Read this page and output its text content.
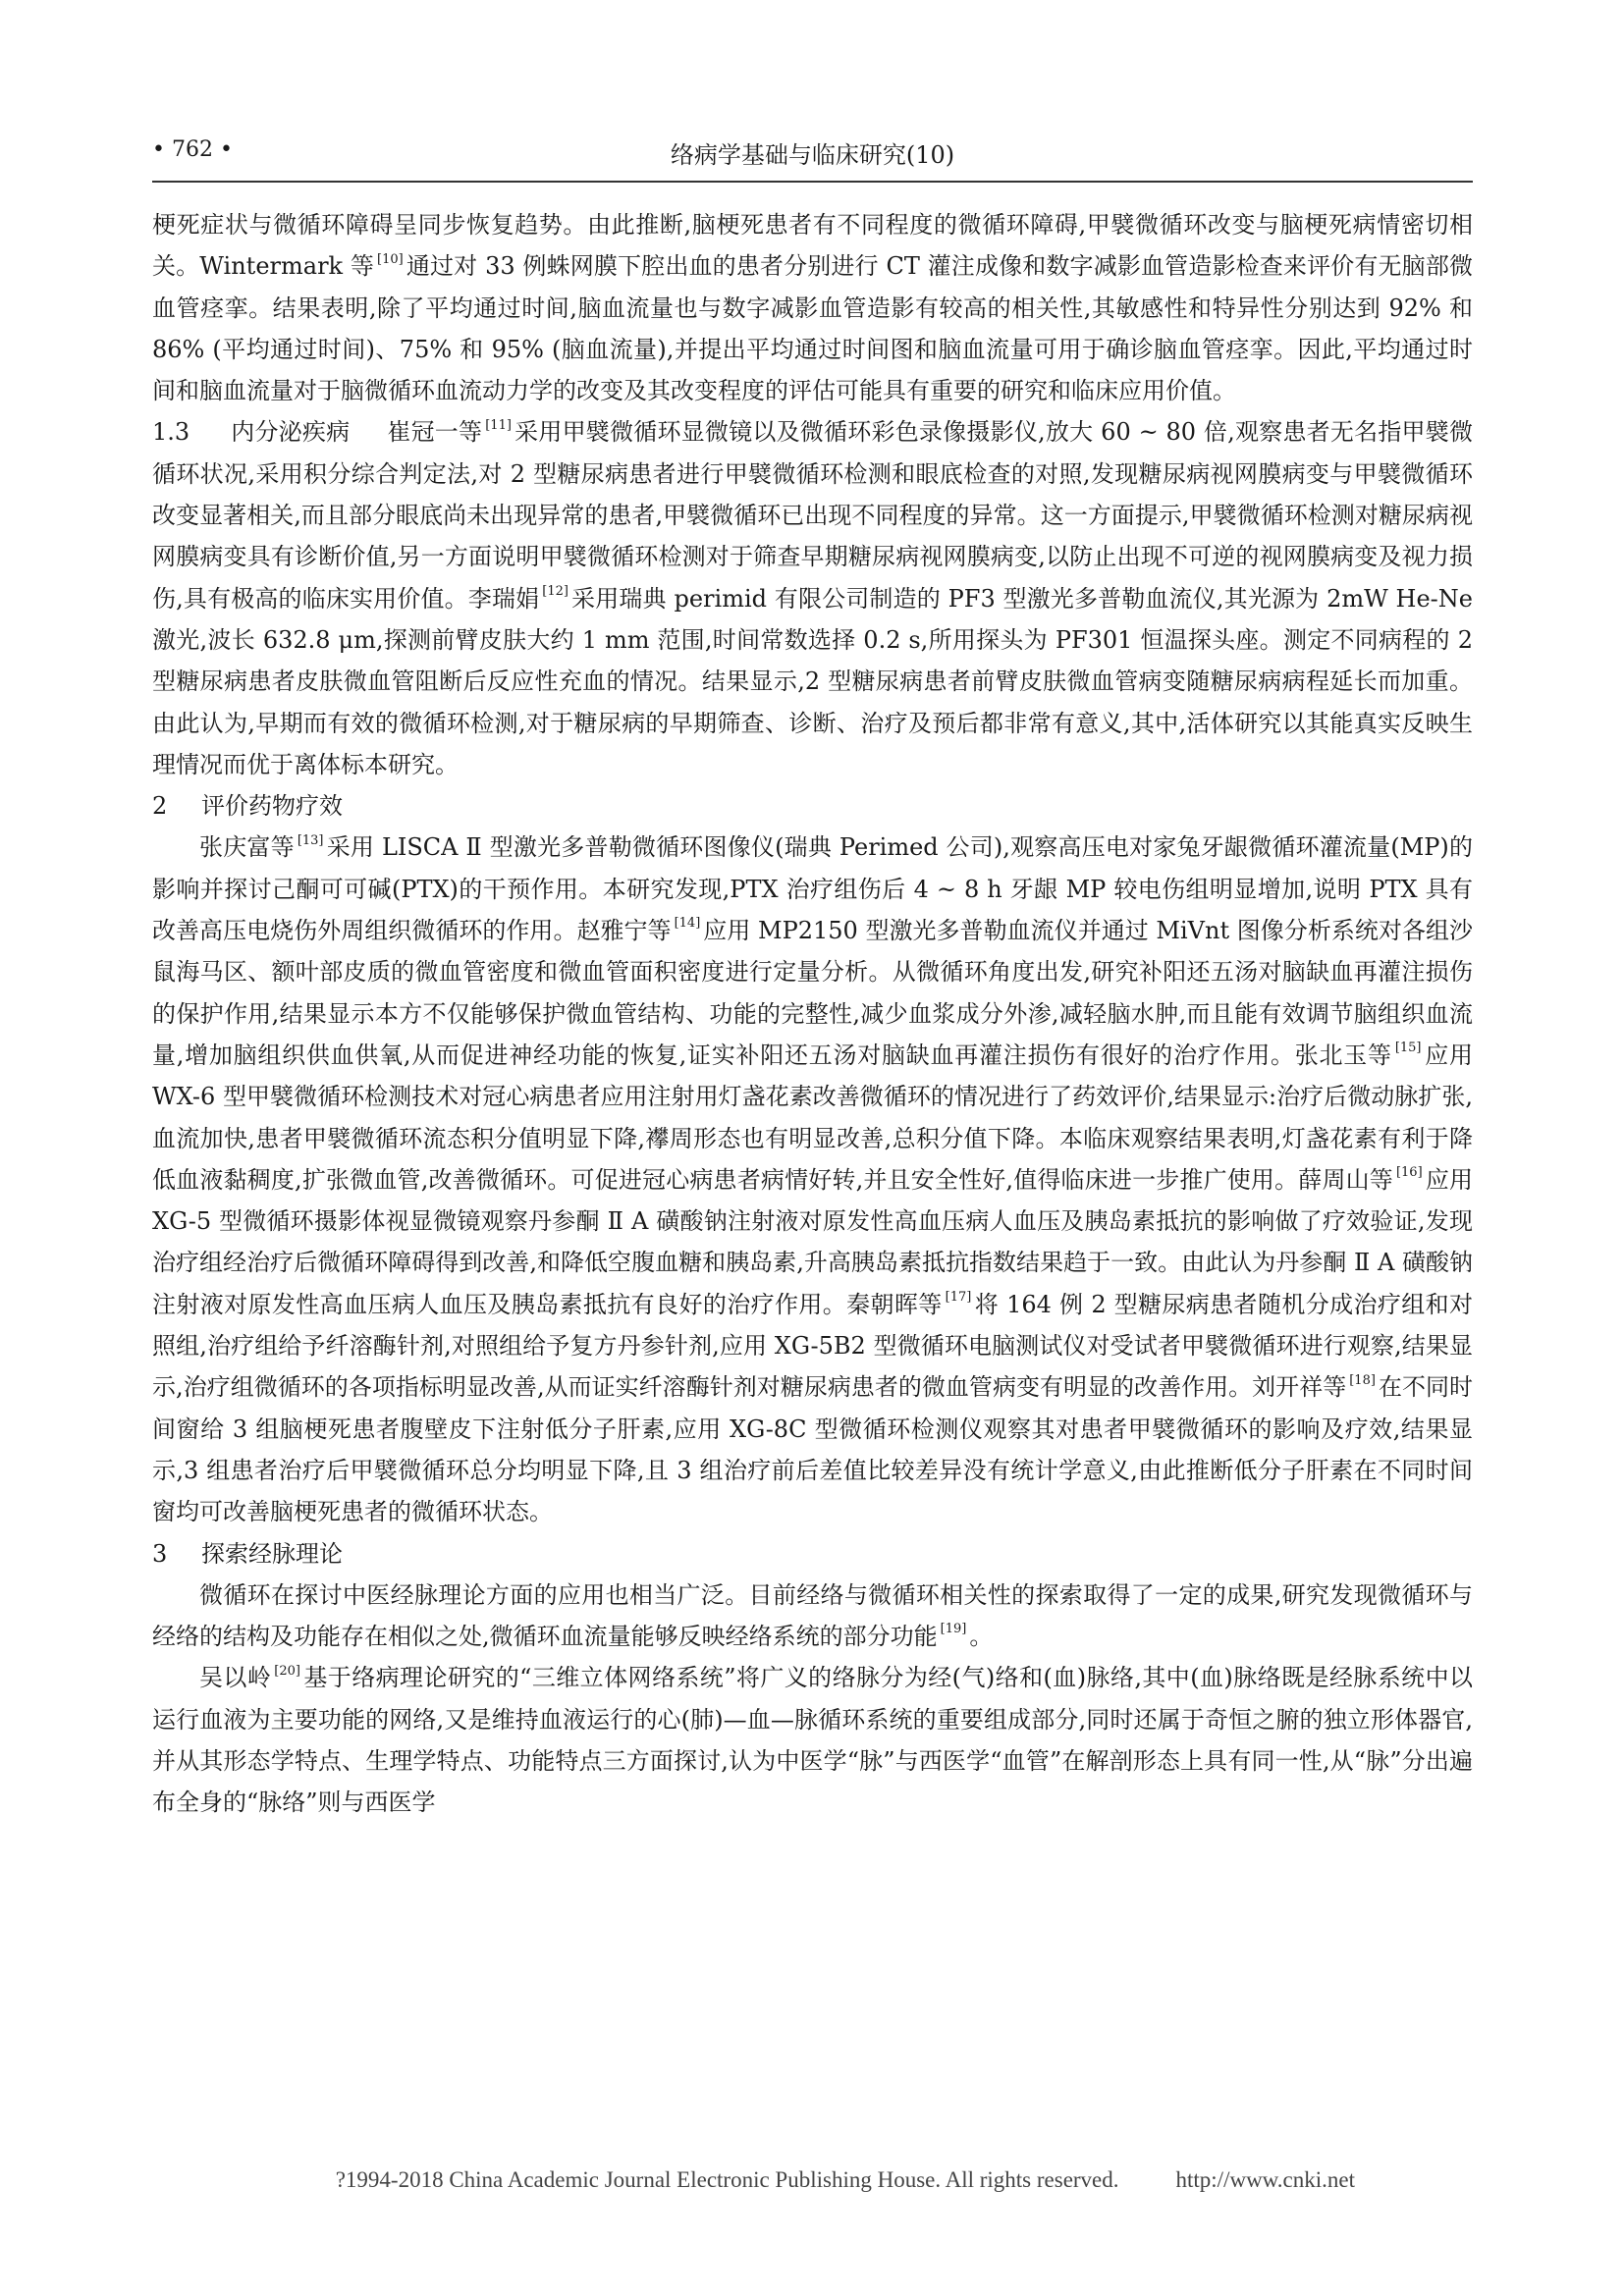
• 762 •	络病学基础与临床研究(10)

梗死症状与微循环障碍呈同步恢复趋势。由此推断,脑梗死患者有不同程度的微循环障碍,甲襞微循环改变与脑梗死病情密切相关。Wintermark 等 [10] 通过对 33 例蛛网膜下腔出血的患者分别进行 CT 灌注成像和数字减影血管造影检查来评价有无脑部微血管痉挛。结果表明,除了平均通过时间,脑血流量也与数字减影血管造影有较高的相关性,其敏感性和特异性分别达到 92% 和 86% (平均通过时间)、75% 和 95% (脑血流量),并提出平均通过时间图和脑血流量可用于确诊脑血管痉挛。因此,平均通过时间和脑血流量对于脑微循环血流动力学的改变及其改变程度的评估可能具有重要的研究和临床应用价值。

1.3 内分泌疾病 崔冠一等 [11] 采用甲襞微循环显微镜以及微循环彩色录像摄影仪,放大 60 ~ 80 倍,观察患者无名指甲襞微循环状况,采用积分综合判定法,对 2 型糖尿病患者进行甲襞微循环检测和眼底检查的对照,发现糖尿病视网膜病变与甲襞微循环改变显著相关,而且部分眼底尚未出现异常的患者,甲襞微循环已出现不同程度的异常。这一方面提示,甲襞微循环检测对糖尿病视网膜病变具有诊断价值,另一方面说明甲襞微循环检测对于筛查早期糖尿病视网膜病变,以防止出现不可逆的视网膜病变及视力损伤,具有极高的临床实用价值。李瑞娟 [12] 采用瑞典 perimid 有限公司制造的 PF3 型激光多普勒血流仪,其光源为 2mW He-Ne 激光,波长 632.8 μm,探测前臂皮肤大约 1 mm 范围,时间常数选择 0.2 s,所用探头为 PF301 恒温探头座。测定不同病程的 2 型糖尿病患者皮肤微血管阻断后反应性充血的情况。结果显示,2 型糖尿病患者前臂皮肤微血管病变随糖尿病病程延长而加重。由此认为,早期而有效的微循环检测,对于糖尿病的早期筛查、诊断、治疗及预后都非常有意义,其中,活体研究以其能真实反映生理情况而优于离体标本研究。

2 评价药物疗效

张庆富等 [13] 采用 LISCA Ⅱ 型激光多普勒微循环图像仪(瑞典 Perimed 公司),观察高压电对家兔牙龈微循环灌流量(MP)的影响并探讨己酮可可碱(PTX)的干预作用。本研究发现,PTX 治疗组伤后 4 ~ 8 h 牙龈 MP 较电伤组明显增加,说明 PTX 具有改善高压电烧伤外周组织微循环的作用。赵雅宁等 [14] 应用 MP2150 型激光多普勒血流仪并通过 MiVnt 图像分析系统对各组沙鼠海马区、额叶部皮质的微血管密度和微血管面积密度进行定量分析。从微循环角度出发,研究补阳还五汤对脑缺血再灌注损伤的保护作用,结果显示本方不仅能够保护微血管结构、功能的完整性,减少血浆成分外渗,减轻脑水肿,而且能有效调节脑组织血流量,增加脑组织供血供氧,从而促进神经功能的恢复,证实补阳还五汤对脑缺血再灌注损伤有很好的治疗作用。张北玉等 [15] 应用 WX-6 型甲襞微循环检测技术对冠心病患者应用注射用灯盏花素改善微循环的情况进行了药效评价,结果显示:治疗后微动脉扩张,血流加快,患者甲襞微循环流态积分值明显下降,襻周形态也有明显改善,总积分值下降。本临床观察结果表明,灯盏花素有利于降低血液黏稠度,扩张微血管,改善微循环。可促进冠心病患者病情好转,并且安全性好,值得临床进一步推广使用。薛周山等 [16] 应用 XG-5 型微循环摄影体视显微镜观察丹参酮 Ⅱ A 磺酸钠注射液对原发性高血压病人血压及胰岛素抵抗的影响做了疗效验证,发现治疗组经治疗后微循环障碍得到改善,和降低空腹血糖和胰岛素,升高胰岛素抵抗指数结果趋于一致。由此认为丹参酮 Ⅱ A 磺酸钠注射液对原发性高血压病人血压及胰岛素抵抗有良好的治疗作用。秦朝晖等 [17] 将 164 例 2 型糖尿病患者随机分成治疗组和对照组,治疗组给予纤溶酶针剂,对照组给予复方丹参针剂,应用 XG-5B2 型微循环电脑测试仪对受试者甲襞微循环进行观察,结果显示,治疗组微循环的各项指标明显改善,从而证实纤溶酶针剂对糖尿病患者的微血管病变有明显的改善作用。刘开祥等 [18] 在不同时间窗给 3 组脑梗死患者腹壁皮下注射低分子肝素,应用 XG-8C 型微循环检测仪观察其对患者甲襞微循环的影响及疗效,结果显示,3 组患者治疗后甲襞微循环总分均明显下降,且 3 组治疗前后差值比较差异没有统计学意义,由此推断低分子肝素在不同时间窗均可改善脑梗死患者的微循环状态。

3 探索经脉理论

微循环在探讨中医经脉理论方面的应用也相当广泛。目前经络与微循环相关性的探索取得了一定的成果,研究发现微循环与经络的结构及功能存在相似之处,微循环血流量能够反映经络系统的部分功能 [19] 。

吴以岭 [20] 基于络病理论研究的“三维立体网络系统”将广义的络脉分为经(气)络和(血)脉络,其中(血)脉络既是经脉系统中以运行血液为主要功能的网络,又是维持血液运行的心(肺)—血—脉循环系统的重要组成部分,同时还属于奇恒之腑的独立形体器官,并从其形态学特点、生理学特点、功能特点三方面探讨,认为中医学“脉”与西医学“血管”在解剖形态上具有同一性,从“脉”分出遍布全身的“脉络”则与西医学

?1994-2018 China Academic Journal Electronic Publishing House. All rights reserved.	http://www.cnki.net
